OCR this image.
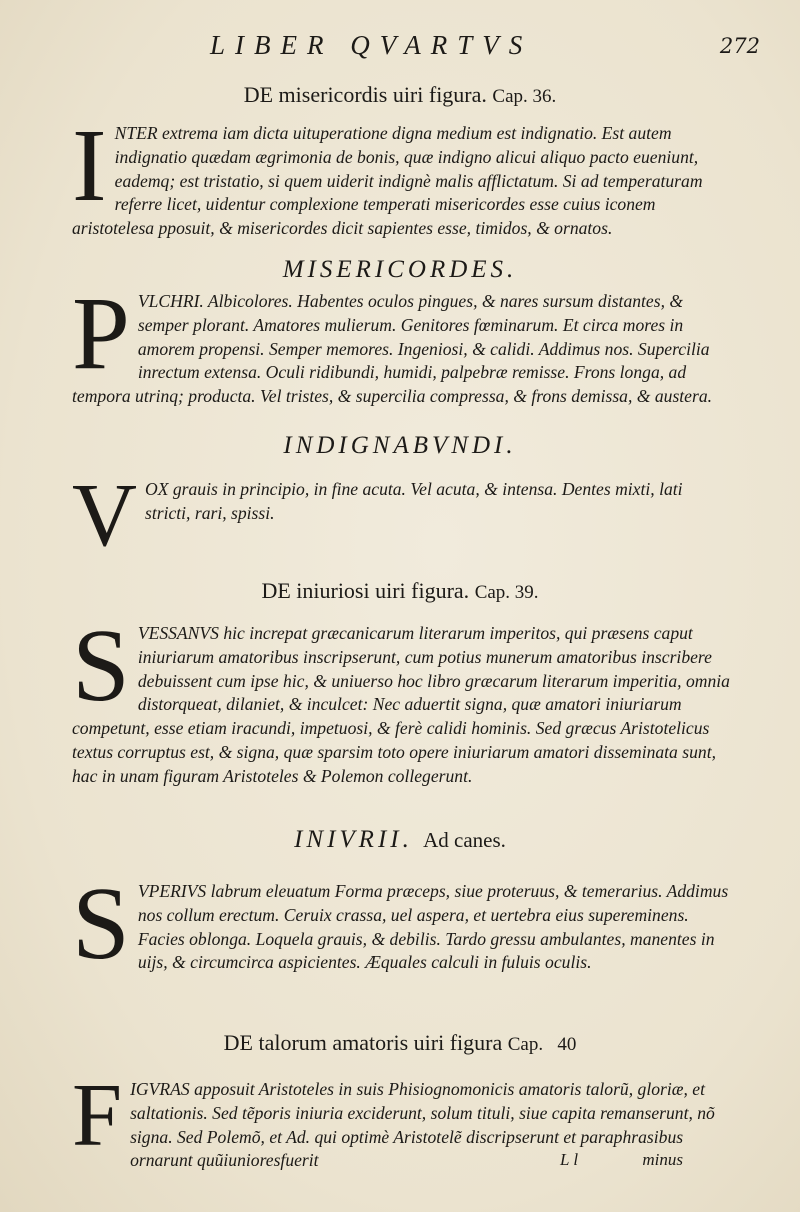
LIBER QVARTVS	272
DE misericordis uiri figura. Cap. 36.
I NTER extrema iam dicta uituperatione digna medium est indignatio. Est autem indignatio quædam ægrimonia de bonis, quæ indigno alicui aliquo pacto eueniunt, eademq; est tristatio, si quem uiderit indignè malis afflictatum. Si ad temperaturam referre licet, uidentur complexione temperati misericordes esse cuius iconem aristotelesa pposuit, & misericordes dicit sapientes esse, timidos, & ornatos.
MISERICORDES.
P VLCHRI. Albicolores. Habentes oculos pingues, & nares sursum distantes, & semper plorant. Amatores mulierum. Genitores fœminarum. Et circa mores in amorem propensi. Semper memores. Ingeniosi, & calidi. Addimus nos. Supercilia inrectum extensa. Oculi ridibundi, humidi, palpebræ remisse. Frons longa, ad tempora utrinq; producta. Vel tristes, & supercilia compressa, & frons demissa, & austera.
INDIGNABVNDI.
V OX grauis in principio, in fine acuta. Vel acuta, & intensa. Dentes mixti, lati stricti, rari, spissi.
DE iniuriosi uiri figura. Cap. 39.
S VESSANVS hic increpat græcanicarum literarum imperitos, qui præsens caput iniuriarum amatoribus inscripserunt, cum potius munerum amatoribus inscribere debuissent cum ipse hic, & uniuerso hoc libro græcarum literarum imperitia, omnia distorqueat, dilaniet, & inculcet: Nec aduertit signa, quæ amatori iniuriarum competunt, esse etiam iracundi, impetuosi, & ferè calidi hominis. Sed græcus Aristotelicus textus corruptus est, & signa, quæ sparsim toto opere iniuriarum amatori disseminata sunt, hac in unam figuram Aristoteles & Polemon collegerunt.
INIVRII. Ad canes.
S VPERIVS labrum eleuatum Forma præceps, siue proteruus, & temerarius. Addimus nos collum erectum. Ceruix crassa, uel aspera, et uertebra eius supereminens. Facies oblonga. Loquela grauis, & debilis. Tardo gressu ambulantes, manentes in uijs, & circumcirca aspicientes. Æquales calculi in fuluis oculis.
DE talorum amatoris uiri figura Cap.   40
F IGVRAS apposuit Aristoteles in suis Phisiognomonicis amatoris talorũ, gloriæ, et saltationis. Sed tẽporis iniuria exciderunt, solum tituli, siue capita remanserunt, nõ signa. Sed Polemõ, et Ad. qui optimè Aristotelẽ discripserunt et paraphrasibus ornarunt quũiunioresfuerit	L l	minus
